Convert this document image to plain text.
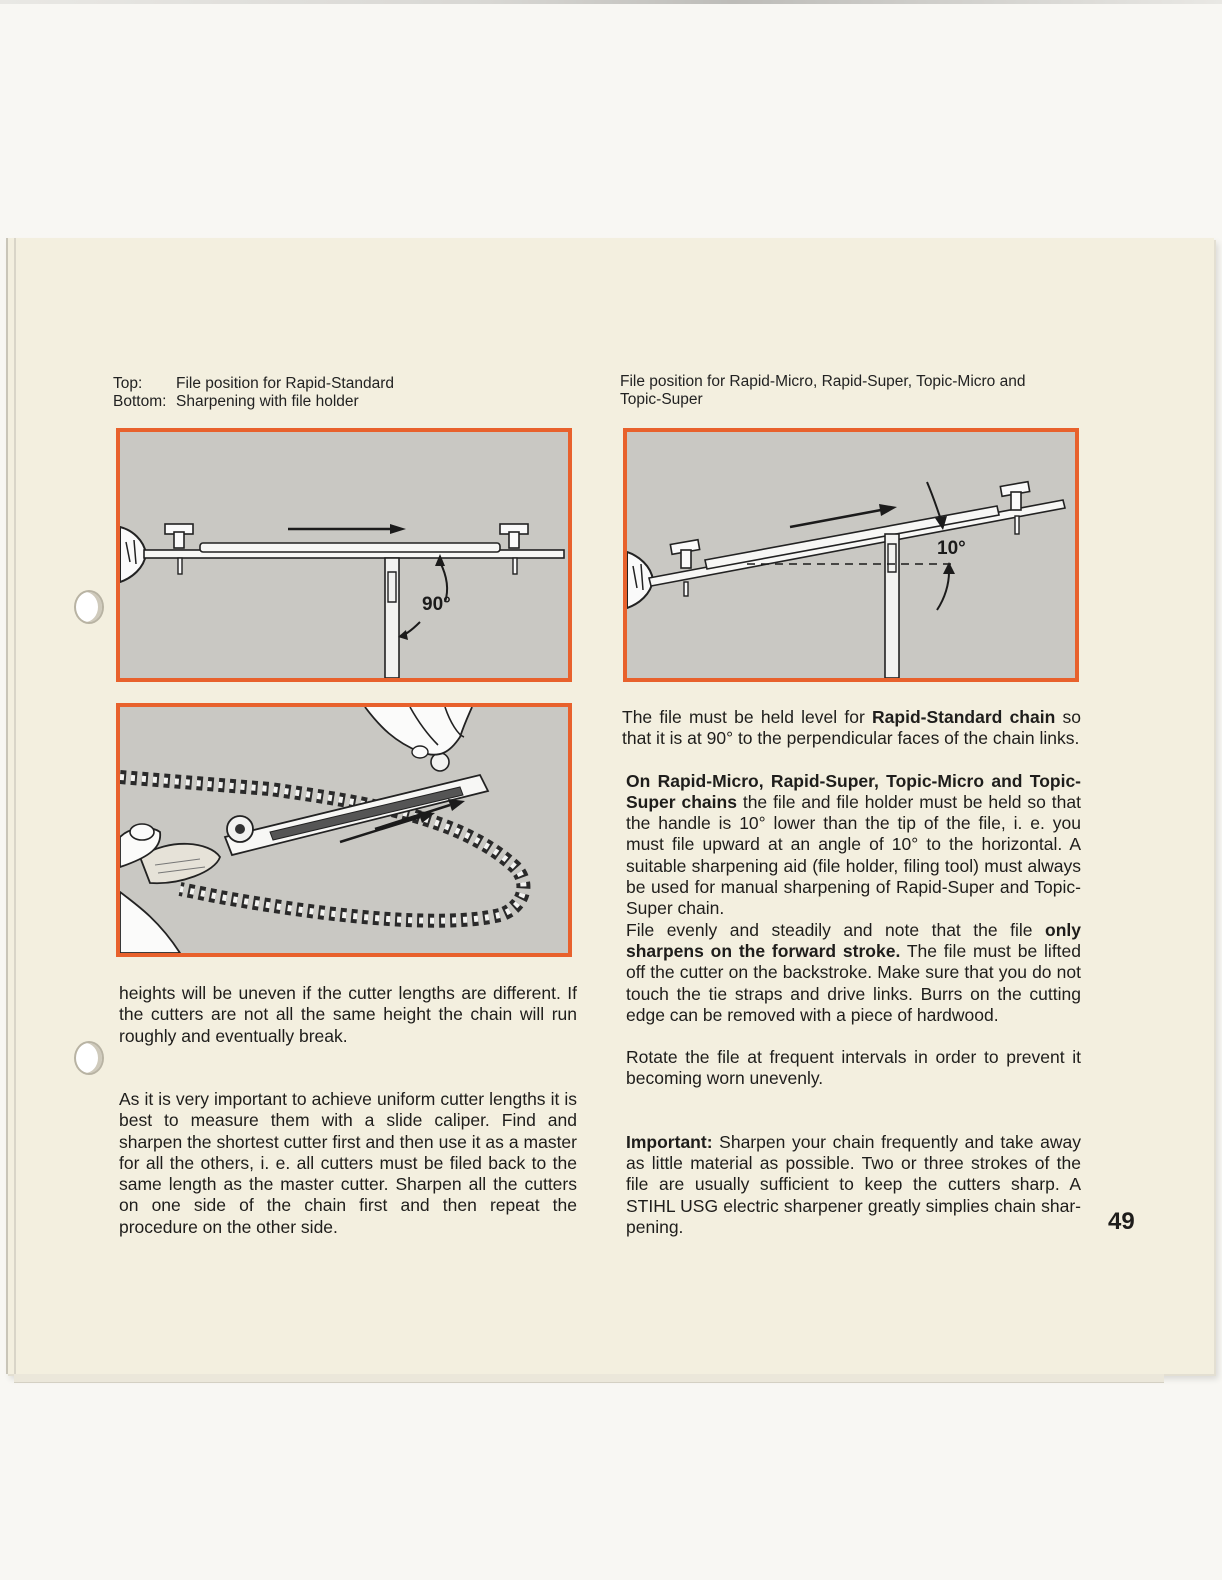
Top:	File position for Rapid-Standard
Bottom:	Sharpening with file holder
File position for Rapid-Micro, Rapid-Super, Topic-Micro and Topic-Super
90°
10°

heights will be uneven if the cutter lengths are different. If the cutters are not all the same height the chain will run roughly and eventually break.

As it is very important to achieve uniform cutter lengths it is best to measure them with a slide caliper. Find and sharpen the shortest cutter first and then use it as a master for all the others, i. e. all cutters must be filed back to the same length as the master cutter. Sharpen all the cutters on one side of the chain first and then repeat the procedure on the other side.

The file must be held level for Rapid-Standard chain so that it is at 90° to the perpendicular faces of the chain links.

On Rapid-Micro, Rapid-Super, Topic-Micro and Topic-Super chains the file and file holder must be held so that the handle is 10° lower than the tip of the file, i. e. you must file upward at an angle of 10° to the horizontal. A suitable sharpening aid (file holder, filing tool) must always be used for manual sharpening of Rapid-Super and Topic-Super chain.

File evenly and steadily and note that the file only sharpens on the forward stroke. The file must be lifted off the cutter on the backstroke. Make sure that you do not touch the tie straps and drive links. Burrs on the cutting edge can be removed with a piece of hardwood.

Rotate the file at frequent intervals in order to prevent it becoming worn unevenly.

Important: Sharpen your chain frequently and take away as little material as possible. Two or three strokes of the file are usually sufficient to keep the cutters sharp. A STIHL USG electric sharpener greatly simplies chain shar-pening.	49
